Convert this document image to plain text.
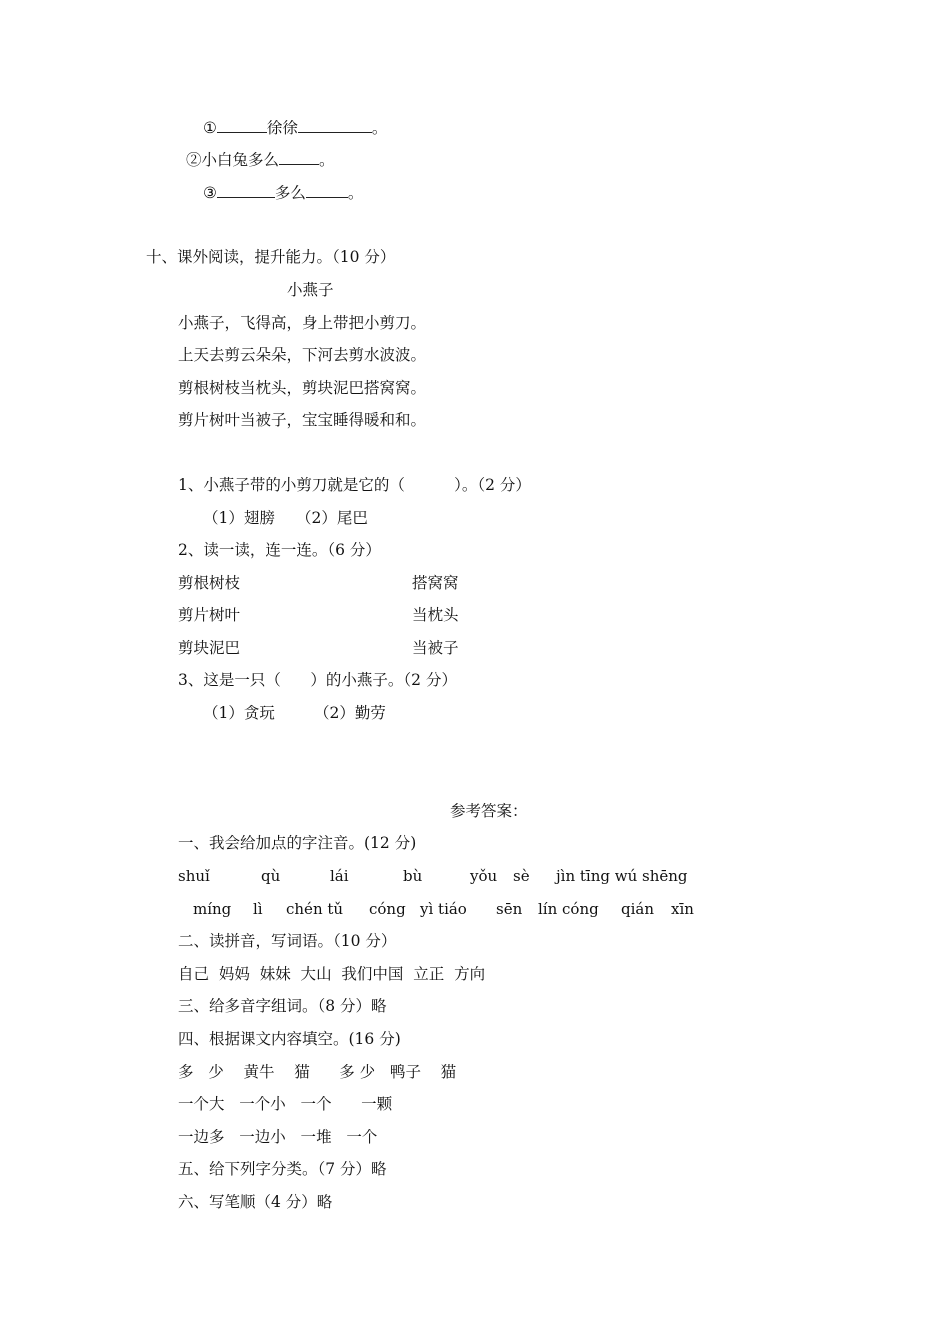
①	徐徐	。
②小白兔多么	。
③	多么	。
十、课外阅读，提升能力。（10 分）
小燕子
小燕子，飞得高，身上带把小剪刀。
上天去剪云朵朵，下河去剪水波波。
剪根树枝当枕头，剪块泥巴搭窝窝。
剪片树叶当被子，宝宝睡得暖和和。
1、小燕子带的小剪刀就是它的（          ）。（2 分）
（1）翅膀 （2）尾巴
2、读一读，连一连。（6 分）
剪根树枝	搭窝窝
剪片树叶	当枕头
剪块泥巴	当被子
3、这是一只（      ）的小燕子。（2 分）
（1）贪玩	（2）勤劳
参考答案：
一、我会给加点的字注音。(12 分)
shuǐ	qù	lái	bù	yǒu sè jìn tīng wú shēng
míng lì chén tǔ cóng yì tiáo sēn lín cóng qián xīn
二、读拼音，写词语。（10 分）
自己  妈妈  妹妹  大山  我们中国  立正  方向
三、给多音字组词。（8 分）略
四、根据课文内容填空。(16 分)
多   少    黄牛    猫      多 少   鸭子    猫
一个大   一个小   一个      一颗
一边多   一边小   一堆   一个
五、给下列字分类。（7 分）略
六、写笔顺（4 分）略
